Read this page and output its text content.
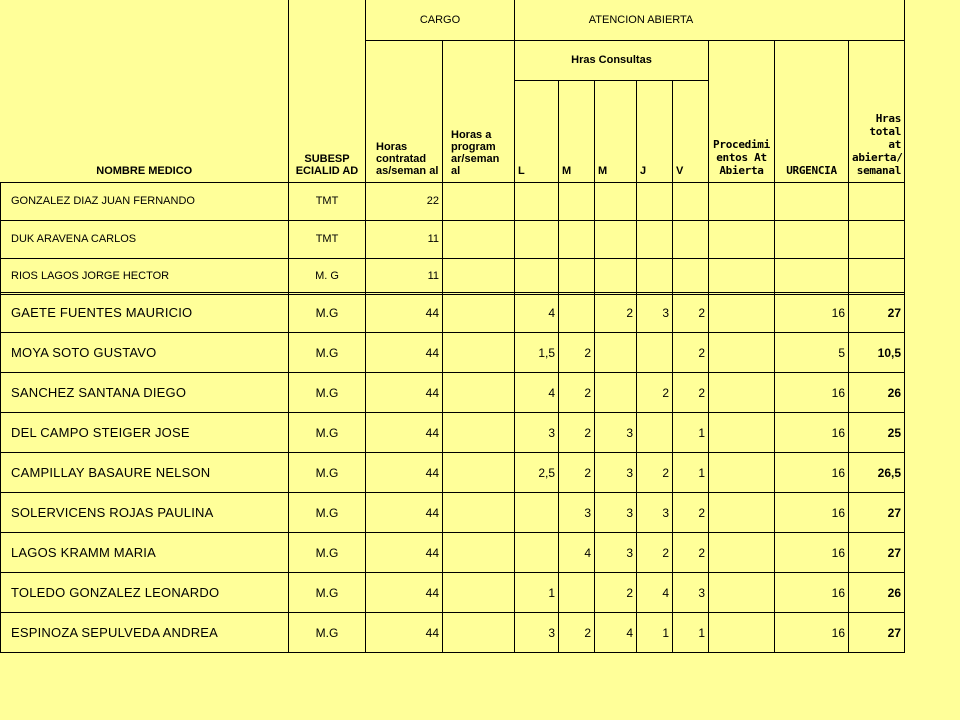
NOMBRE MEDICO	SUBESP ECIALID AD	CARGO		ATENCION ABIERTA							
		Horas contratad as/seman al	Horas a program ar/seman al	Hras Consultas					Procedimi entos At Abierta	URGENCIA	Hras total at abierta/ semanal
				L	M	M	J	V			
GONZALEZ DIAZ JUAN FERNANDO	TMT	22									
DUK ARAVENA CARLOS	TMT	11									
RIOS LAGOS JORGE HECTOR	M. G	11									
GAETE FUENTES MAURICIO	M.G	44		4		2	3	2		16	27
MOYA SOTO GUSTAVO	M.G	44		1,5	2			2		5	10,5
SANCHEZ SANTANA DIEGO	M.G	44		4	2		2	2		16	26
DEL CAMPO STEIGER JOSE	M.G	44		3	2	3		1		16	25
CAMPILLAY BASAURE NELSON	M.G	44		2,5	2	3	2	1		16	26,5
SOLERVICENS ROJAS PAULINA	M.G	44			3	3	3	2		16	27
LAGOS KRAMM MARIA	M.G	44			4	3	2	2		16	27
TOLEDO GONZALEZ LEONARDO	M.G	44		1		2	4	3		16	26
ESPINOZA SEPULVEDA ANDREA	M.G	44		3	2	4	1	1		16	27
